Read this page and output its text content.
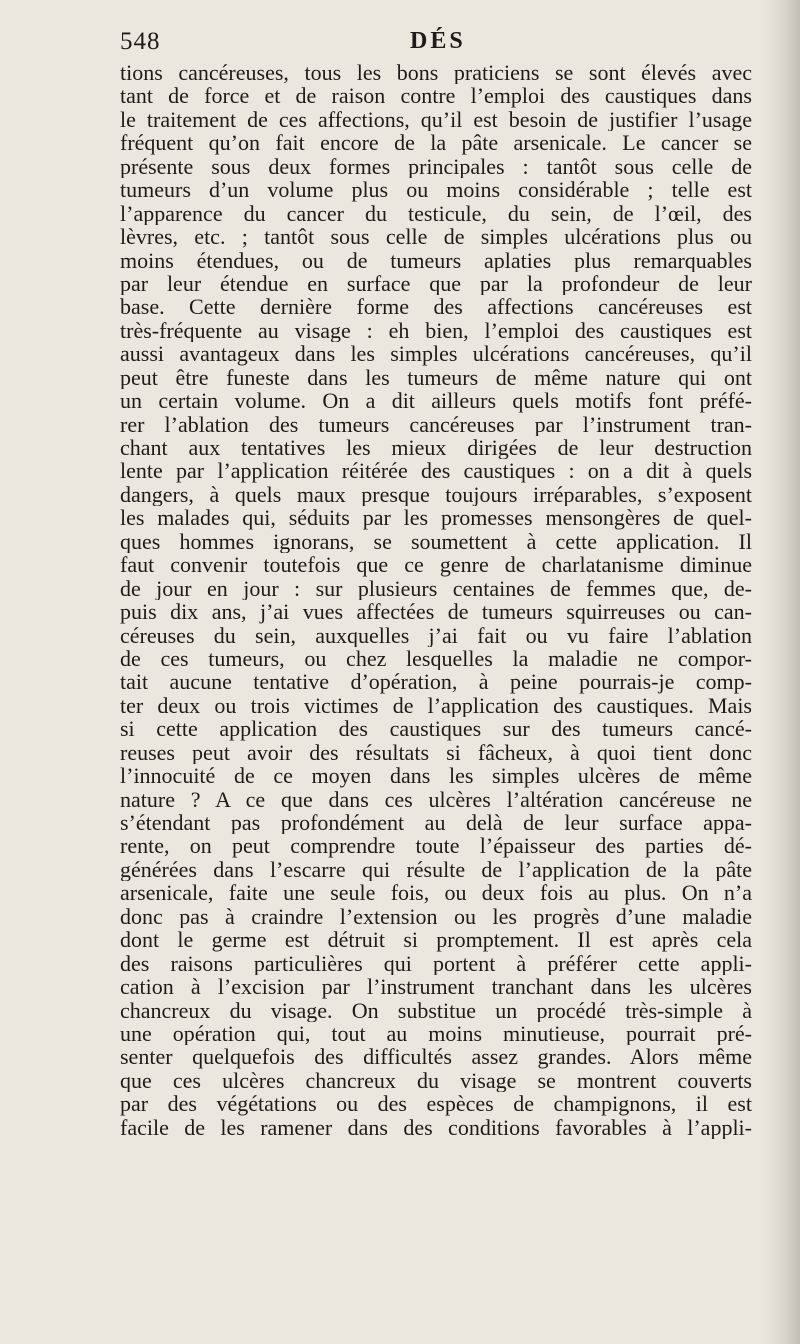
548	DÉS
tions cancéreuses, tous les bons praticiens se sont élevés avec
tant de force et de raison contre l’emploi des caustiques dans
le traitement de ces affections, qu’il est besoin de justifier l’usage
fréquent qu’on fait encore de la pâte arsenicale. Le cancer se
présente sous deux formes principales : tantôt sous celle de
tumeurs d’un volume plus ou moins considérable ; telle est
l’apparence du cancer du testicule, du sein, de l’œil, des
lèvres, etc. ; tantôt sous celle de simples ulcérations plus ou
moins étendues, ou de tumeurs aplaties plus remarquables
par leur étendue en surface que par la profondeur de leur
base. Cette dernière forme des affections cancéreuses est
très-fréquente au visage : eh bien, l’emploi des caustiques est
aussi avantageux dans les simples ulcérations cancéreuses, qu’il
peut être funeste dans les tumeurs de même nature qui ont
un certain volume. On a dit ailleurs quels motifs font préfé-
rer l’ablation des tumeurs cancéreuses par l’instrument tran-
chant aux tentatives les mieux dirigées de leur destruction
lente par l’application réitérée des caustiques : on a dit à quels
dangers, à quels maux presque toujours irréparables, s’exposent
les malades qui, séduits par les promesses mensongères de quel-
ques hommes ignorans, se soumettent à cette application. Il
faut convenir toutefois que ce genre de charlatanisme diminue
de jour en jour : sur plusieurs centaines de femmes que, de-
puis dix ans, j’ai vues affectées de tumeurs squirreuses ou can-
céreuses du sein, auxquelles j’ai fait ou vu faire l’ablation
de ces tumeurs, ou chez lesquelles la maladie ne compor-
tait aucune tentative d’opération, à peine pourrais-je comp-
ter deux ou trois victimes de l’application des caustiques. Mais
si cette application des caustiques sur des tumeurs cancé-
reuses peut avoir des résultats si fâcheux, à quoi tient donc
l’innocuité de ce moyen dans les simples ulcères de même
nature ? A ce que dans ces ulcères l’altération cancéreuse ne
s’étendant pas profondément au delà de leur surface appa-
rente, on peut comprendre toute l’épaisseur des parties dé-
générées dans l’escarre qui résulte de l’application de la pâte
arsenicale, faite une seule fois, ou deux fois au plus. On n’a
donc pas à craindre l’extension ou les progrès d’une maladie
dont le germe est détruit si promptement. Il est après cela
des raisons particulières qui portent à préférer cette appli-
cation à l’excision par l’instrument tranchant dans les ulcères
chancreux du visage. On substitue un procédé très-simple à
une opération qui, tout au moins minutieuse, pourrait pré-
senter quelquefois des difficultés assez grandes. Alors même
que ces ulcères chancreux du visage se montrent couverts
par des végétations ou des espèces de champignons, il est
facile de les ramener dans des conditions favorables à l’appli-
